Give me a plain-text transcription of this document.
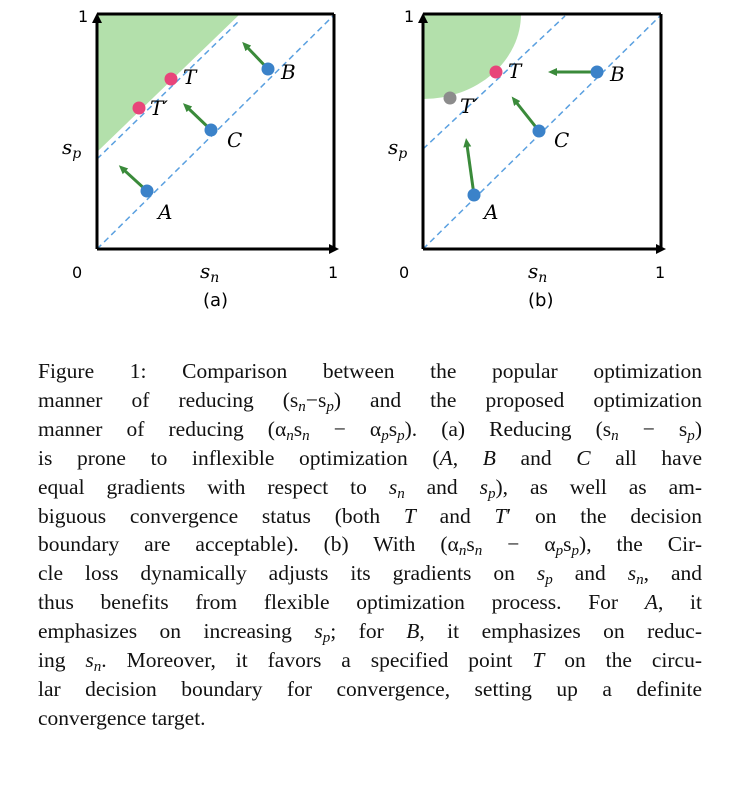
T
T′
A
B
C
1
0	1
$s_n$
$s_p$
(a)
T
T′
A
B
C
1
0	1
$s_n$
$s_p$
(b)
Figure 1: Comparison between the popular optimization
manner of reducing $(s_n-s_p)$ and the proposed optimization
manner of reducing $(\alpha_ns_n - \alpha_ps_p)$. (a) Reducing $(s_n - s_p)$
is prone to inflexible optimization (A, B and C all have
equal gradients with respect to $s_n$ and $s_p$), as well as am-
biguous convergence status (both T and T′ on the decision
boundary are acceptable). (b) With $(\alpha_ns_n - \alpha_ps_p)$, the Cir-
cle loss dynamically adjusts its gradients on $s_p$ and $s_n$, and
thus benefits from flexible optimization process. For A, it
emphasizes on increasing $s_p$; for B, it emphasizes on reduc-
ing $s_n$. Moreover, it favors a specified point T on the circu-
lar decision boundary for convergence, setting up a definite
convergence target.
